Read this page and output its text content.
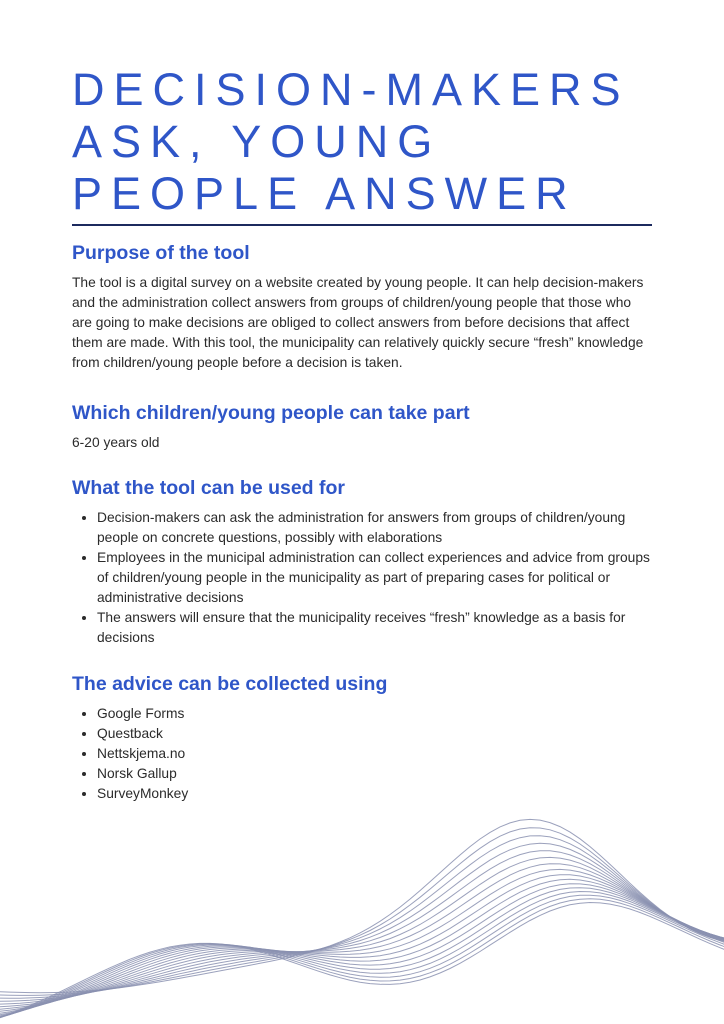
DECISION-MAKERS
ASK, YOUNG
PEOPLE ANSWER
Purpose of the tool

The tool is a digital survey on a website created by young people. It can help decision-makers and the administration collect answers from groups of children/young people that those who are going to make decisions are obliged to collect answers from before decisions that affect them are made. With this tool, the municipality can relatively quickly secure “fresh” knowledge from children/young people before a decision is taken.

Which children/young people can take part

6-20 years old

What the tool can be used for
• Decision-makers can ask the administration for answers from groups of children/young people on concrete questions, possibly with elaborations
• Employees in the municipal administration can collect experiences and advice from groups of children/young people in the municipality as part of preparing cases for political or administrative decisions
• The answers will ensure that the municipality receives “fresh” knowledge as a basis for decisions
The advice can be collected using
• Google Forms
• Questback
• Nettskjema.no
• Norsk Gallup
• SurveyMonkey
